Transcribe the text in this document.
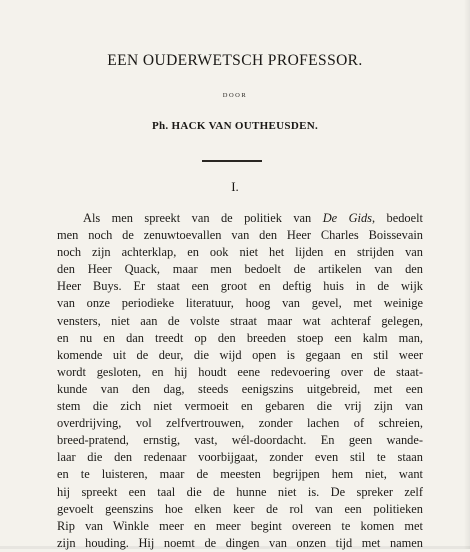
EEN OUDERWETSCH PROFESSOR.
DOOR
Ph. HACK VAN OUTHEUSDEN.
I.
Als men spreekt van de politiek van De Gids, bedoelt
men noch de zenuwtoevallen van den Heer Charles Boissevain
noch zijn achterklap, en ook niet het lijden en strijden van
den Heer Quack, maar men bedoelt de artikelen van den
Heer Buys. Er staat een groot en deftig huis in de wijk
van onze periodieke literatuur, hoog van gevel, met weinige
vensters, niet aan de volste straat maar wat achteraf gelegen,
en nu en dan treedt op den breeden stoep een kalm man,
komende uit de deur, die wijd open is gegaan en stil weer
wordt gesloten, en hij houdt eene redevoering over de staat-
kunde van den dag, steeds eenigszins uitgebreid, met een
stem die zich niet vermoeit en gebaren die vrij zijn van
overdrijving, vol zelfvertrouwen, zonder lachen of schreien,
breed-pratend, ernstig, vast, wél-doordacht. En geen wande-
laar die den redenaar voorbijgaat, zonder even stil te staan
en te luisteren, maar de meesten begrijpen hem niet, want
hij spreekt een taal die de hunne niet is. De spreker zelf
gevoelt geenszins hoe elken keer de rol van een politieken
Rip van Winkle meer en meer begint overeen te komen met
zijn houding. Hij noemt de dingen van onzen tijd met namen
